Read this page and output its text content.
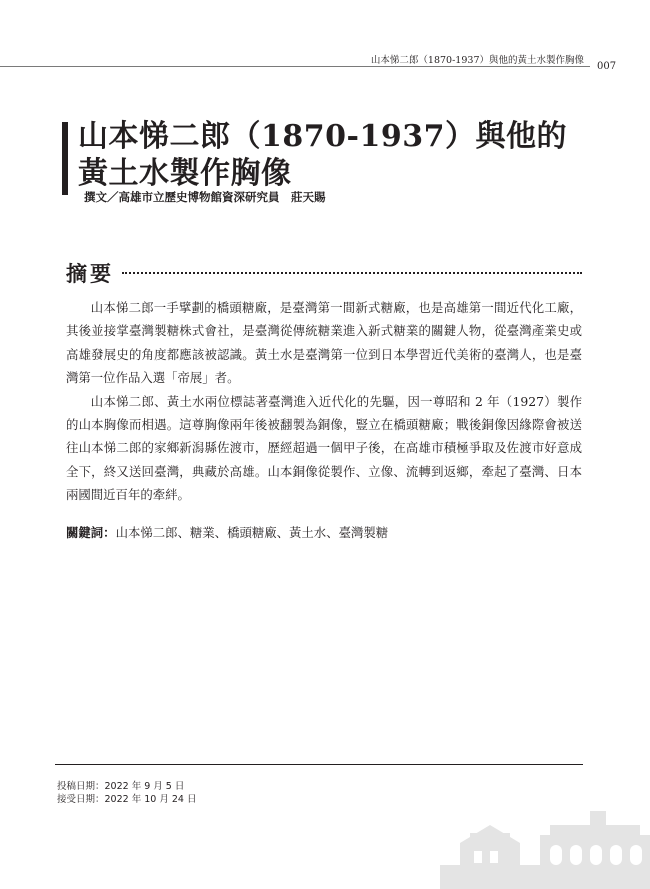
山本悌二郎（1870-1937）與他的黃土水製作胸像
007
山本悌二郎（1870-1937）與他的
黃土水製作胸像
撰文／高雄市立歷史博物館資深研究員　莊天賜
摘要

山本悌二郎一手擘劃的橋頭糖廠，是臺灣第一間新式糖廠，也是高雄第一間近代化工廠，其後並接掌臺灣製糖株式會社，是臺灣從傳統糖業進入新式糖業的關鍵人物，從臺灣產業史或高雄發展史的角度都應該被認識。黃土水是臺灣第一位到日本學習近代美術的臺灣人，也是臺灣第一位作品入選「帝展」者。

山本悌二郎、黃土水兩位標誌著臺灣進入近代化的先驅，因一尊昭和 2 年（1927）製作的山本胸像而相遇。這尊胸像兩年後被翻製為銅像，豎立在橋頭糖廠；戰後銅像因緣際會被送往山本悌二郎的家鄉新潟縣佐渡市，歷經超過一個甲子後，在高雄市積極爭取及佐渡市好意成全下，終又送回臺灣，典藏於高雄。山本銅像從製作、立像、流轉到返鄉，牽起了臺灣、日本兩國間近百年的牽絆。

關鍵詞：山本悌二郎、糖業、橋頭糖廠、黃土水、臺灣製糖
投稿日期：2022 年 9 月 5 日
接受日期：2022 年 10 月 24 日
